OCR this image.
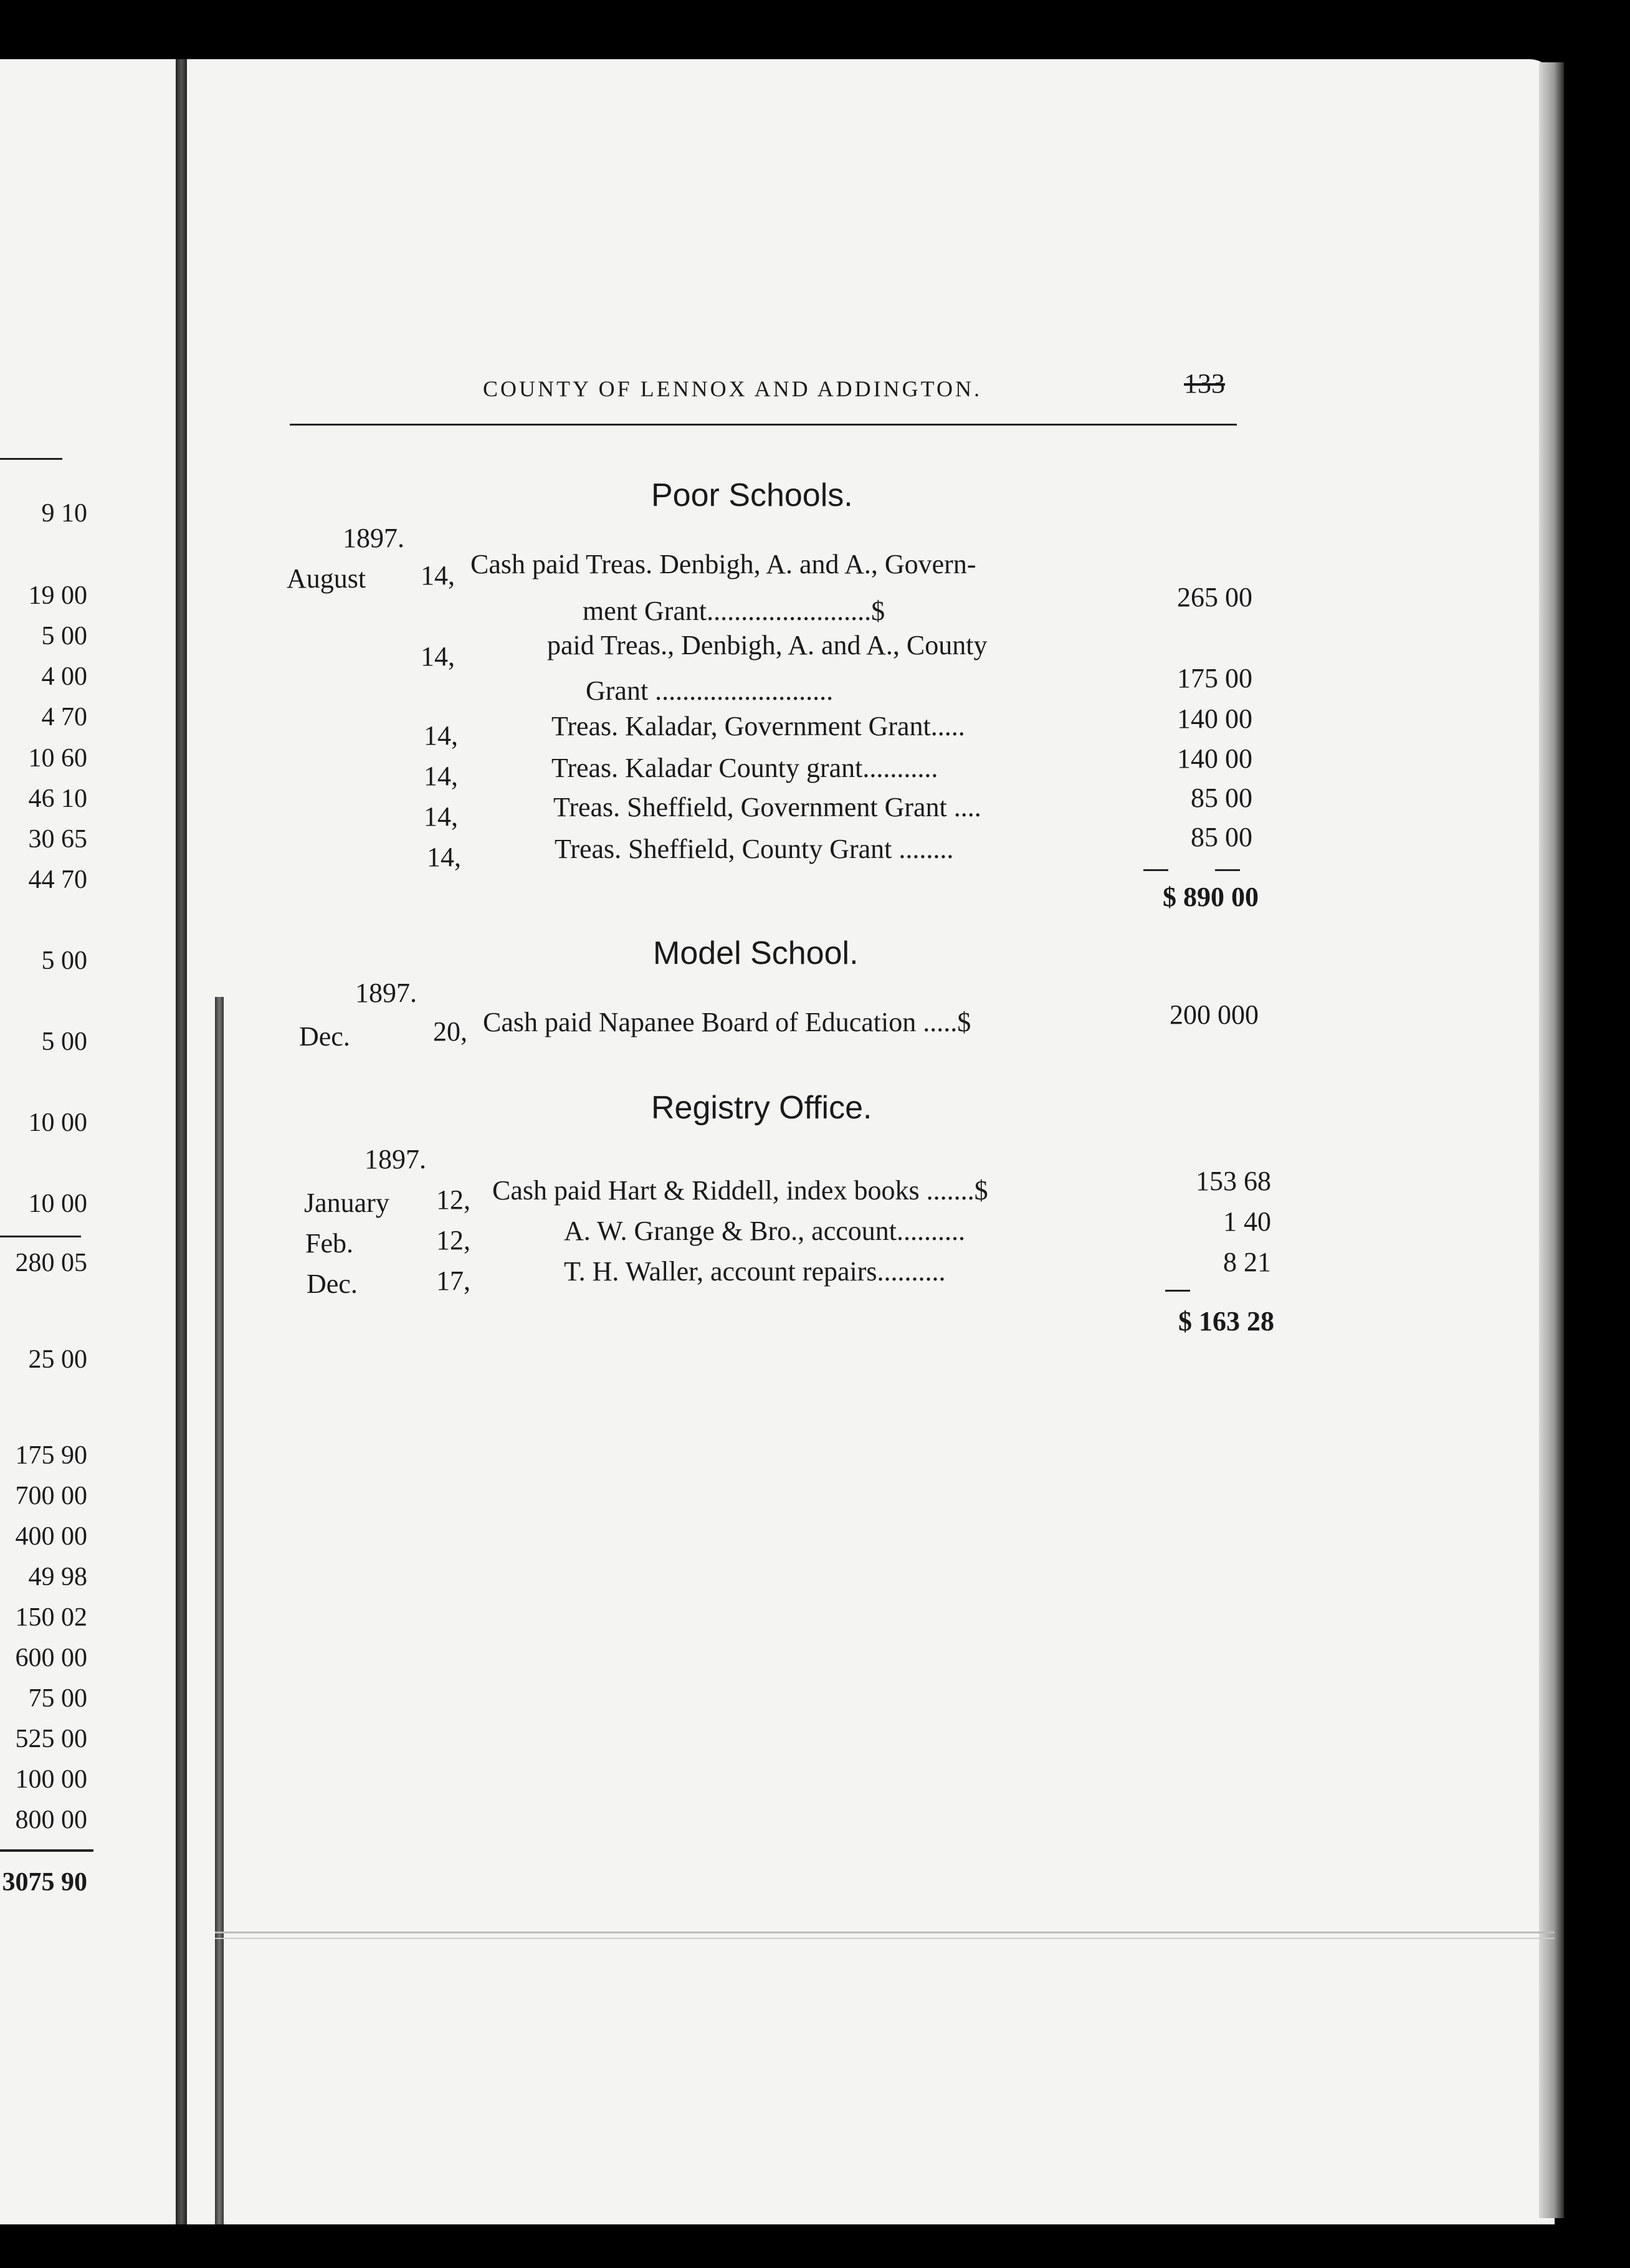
9 10
19 00
5 00
4 00
4 70
10 60
46 10
30 65
44 70
5 00
5 00
10 00
10 00
280 05
25 00
175 90
700 00
400 00
49 98
150 02
600 00
75 00
525 00
100 00
800 00
3075 90
COUNTY OF LENNOX AND ADDINGTON.	133
Poor Schools.
1897.
August 14, Cash paid Treas. Denbigh, A. and A., Govern-
ment Grant........................$	265 00
14,	paid Treas., Denbigh, A. and A., County
Grant ..........................	175 00
14,	Treas. Kaladar, Government Grant.....	140 00
14,	Treas. Kaladar County grant...........	140 00
14,	Treas. Sheffield, Government Grant ....	85 00
14,	Treas. Sheffield, County Grant ........	85 00
$ 890 00
Model School.
1897.
Dec.	20, Cash paid Napanee Board of Education .....$	200 000
Registry Office.
1897.
January 12, Cash paid Hart & Riddell, index books .......$	153 68
Feb.	12,	A. W. Grange & Bro., account..........	1 40
Dec.	17,	T. H. Waller, account repairs..........	8 21
$ 163 28
